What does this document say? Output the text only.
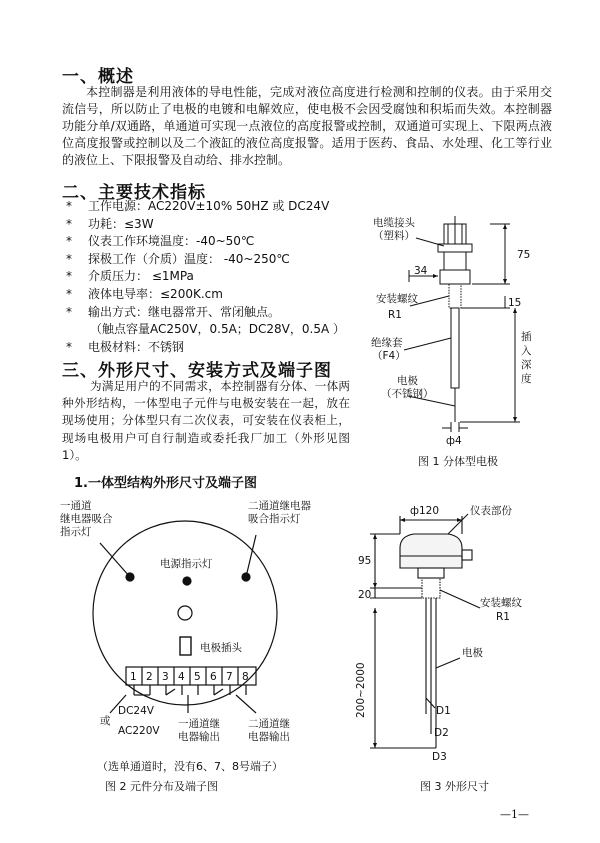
一、概述
本控制器是利用液体的导电性能，完成对液位高度进行检测和控制的仪表。由于采用交流信号，所以防止了电极的电镀和电解效应，使电极不会因受腐蚀和积垢而失效。本控制器功能分单/双通路，单通道可实现一点液位的高度报警或控制，双通道可实现上、下限两点液位高度报警或控制以及二个液缸的液位高度报警。适用于医药、食品、水处理、化工等行业的液位上、下限报警及自动给、排水控制。
二、主要技术指标
*	工作电源：AC220V±10% 50HZ 或 DC24V
*	功耗：≤3W
*	仪表工作环境温度：-40~50℃
*	探极工作（介质）温度： -40~250℃
*	介质压力： ≤1MPa
*	液体电导率：≤200K.cm
*	输出方式：继电器常开、常闭触点。
（触点容量AC250V，0.5A；DC28V，0.5A ）
*	电极材料：不锈钢
三、外形尺寸、安装方式及端子图
为满足用户的不同需求，本控制器有分体、一体两种外形结构，一体型电子元件与电极安装在一起，放在现场使用；分体型只有二次仪表，可安装在仪表柜上，现场电极用户可自行制造或委托我厂加工（外形见图1）。
1.一体型结构外形尺寸及端子图
电缆接头
（塑料）
34
75
15
安装螺纹
R1
绝缘套
（F4）
电极
（不锈钢）
插
入
深
度
ф4
图 1 分体型电极
一通道
继电器吸合
指示灯
二通道继电器
吸合指示灯
电源指示灯
电极插头
1 2 3 4 5 6 7 8
DC24V
或
AC220V
一通道继
电器输出
二通道继
电器输出
（选单通道时，没有6、7、8号端子）
图 2 元件分布及端子图
ф120	仪表部份
95
20
安装螺纹
R1
电极
200~2000	D1
D2
D3
图 3 外形尺寸
—1—
